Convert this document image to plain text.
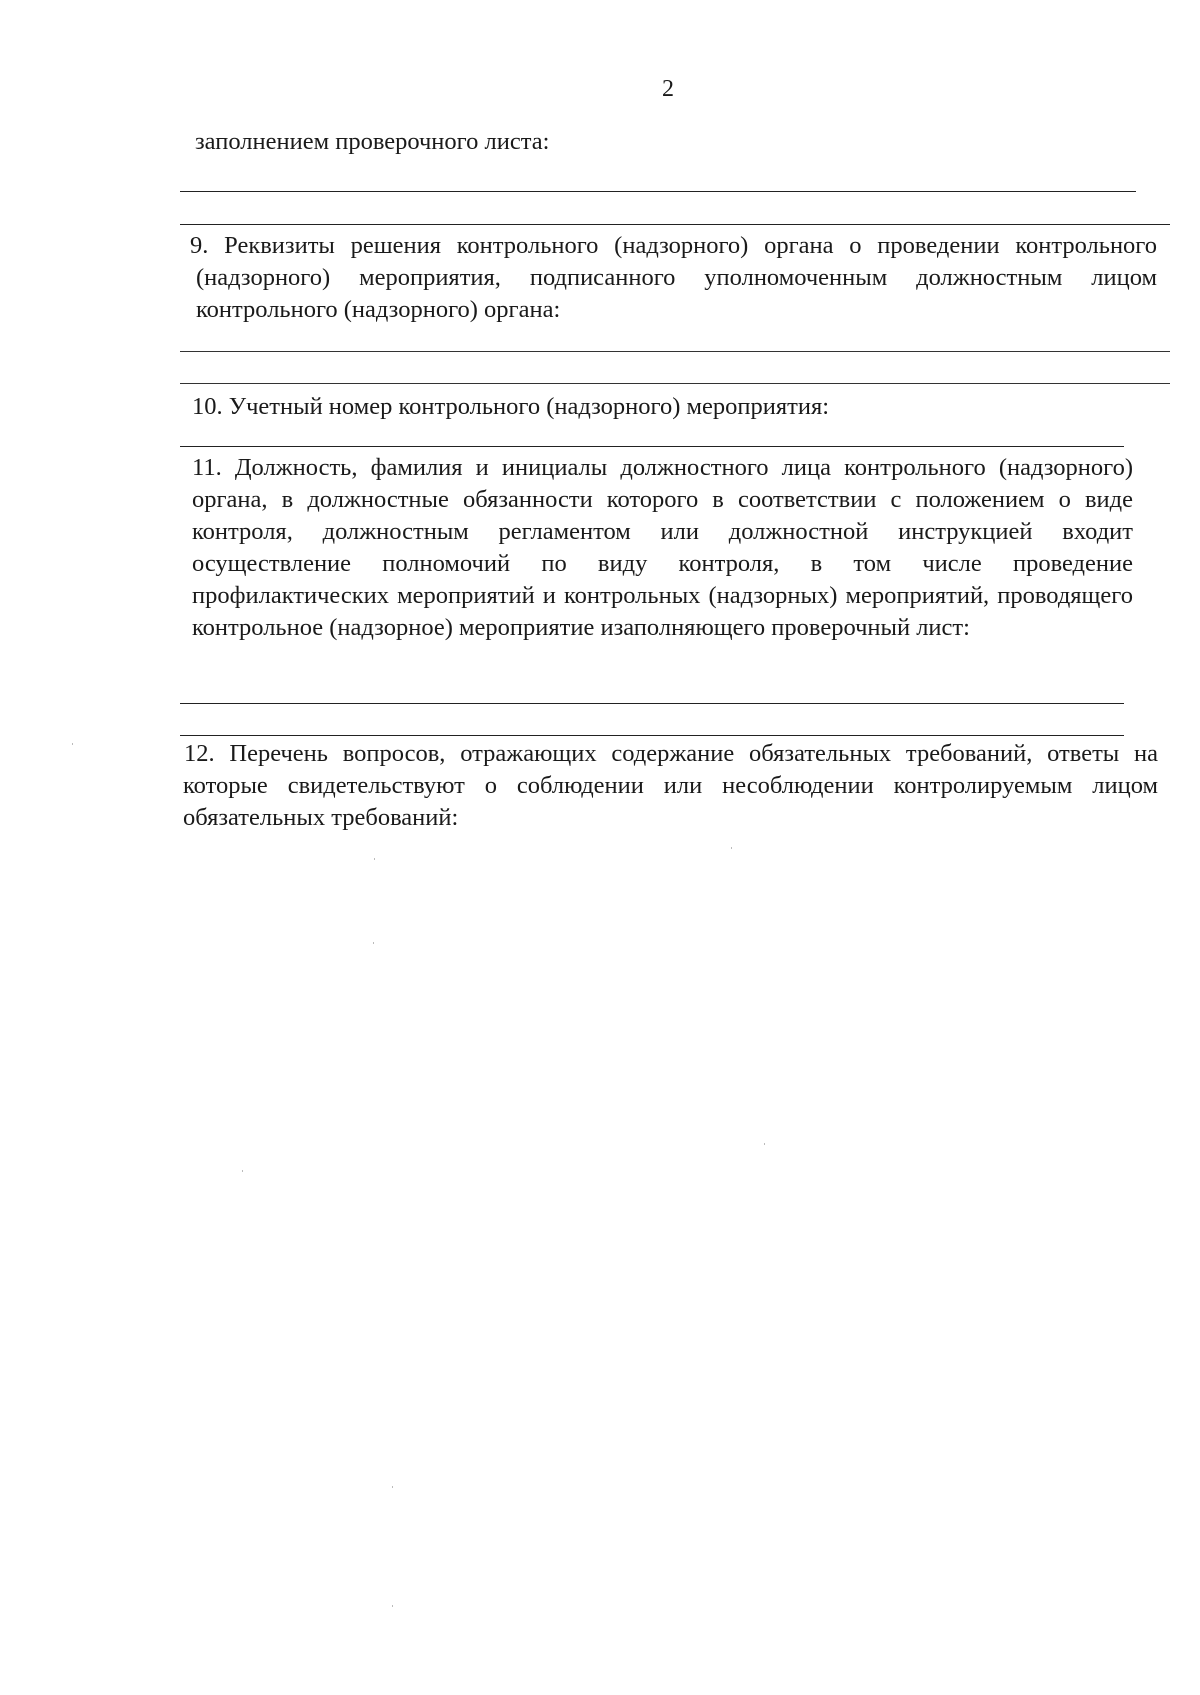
2

заполнением проверочного листа:

9. Реквизиты решения контрольного (надзорного) органа о проведении контрольного (надзорного) мероприятия, подписанного уполномоченным должностным лицом контрольного (надзорного) органа:

10. Учетный номер контрольного (надзорного) мероприятия:

11. Должность, фамилия и инициалы должностного лица контрольного (надзорного) органа, в должностные обязанности которого в соответствии с положением о виде контроля, должностным регламентом или должностной инструкцией входит осуществление полномочий по виду контроля, в том числе проведение профилактических мероприятий и контрольных (надзорных) мероприятий, проводящего контрольное (надзорное) мероприятие изаполняющего проверочный лист:

12. Перечень вопросов, отражающих содержание обязательных требований, ответы на которые свидетельствуют о соблюдении или несоблюдении контролируемым лицом обязательных требований:
